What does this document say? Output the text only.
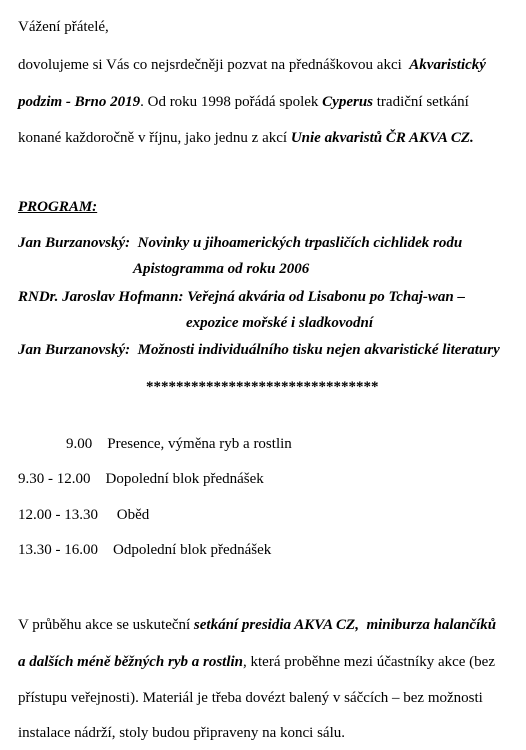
Vážení přátelé,
dovolujeme si Vás co nejsrdečněji pozvat na přednáškovou akci Akvaristický
podzim - Brno 2019. Od roku 1998 pořádá spolek Cyperus tradiční setkání
konané každoročně v říjnu, jako jednu z akcí Unie akvaristů ČR AKVA CZ.
PROGRAM:
Jan Burzanovský: Novinky u jihoamerických trpasličích cichlidek rodu
Apistogramma od roku 2006
RNDr. Jaroslav Hofmann: Veřejná akvária od Lisabonu po Tchaj-wan –
expozice mořské i sladkovodní
Jan Burzanovský: Možnosti individuálního tisku nejen akvaristické literatury
*******************************
9.00 Presence, výměna ryb a rostlin
9.30 - 12.00 Dopolední blok přednášek
12.00 - 13.30 Oběd
13.30 - 16.00 Odpolední blok přednášek
V průběhu akce se uskuteční setkání presidia AKVA CZ, miniburza halančíků
a dalších méně běžných ryb a rostlin, která proběhne mezi účastníky akce (bez
přístupu veřejnosti). Materiál je třeba dovézt balený v sáčcích – bez možnosti
instalace nádrží, stoly budou připraveny na konci sálu.
